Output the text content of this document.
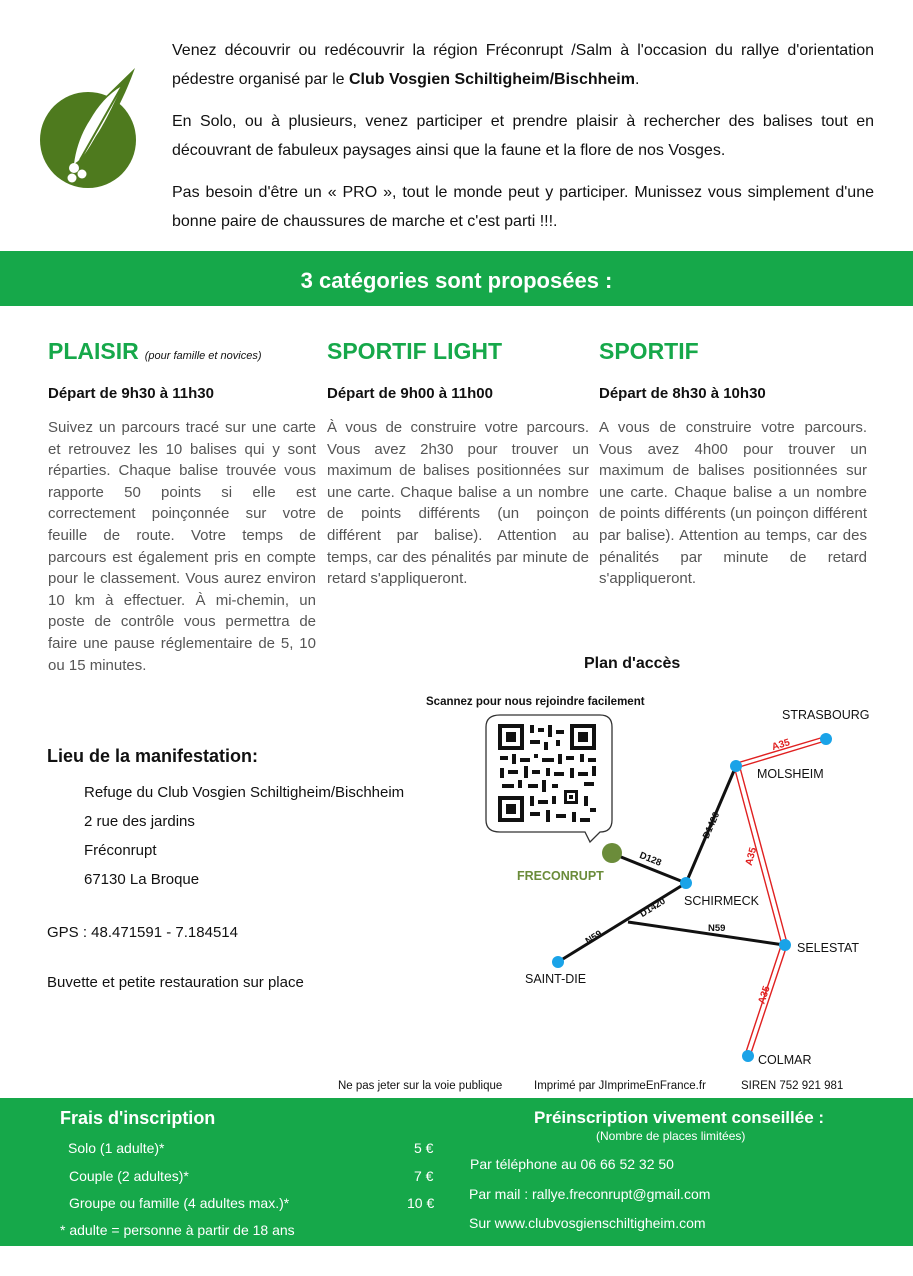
Venez découvrir ou redécouvrir la région Fréconrupt /Salm à l'occasion du rallye d'orientation pédestre organisé par le Club Vosgien Schiltigheim/Bischheim.

En Solo, ou à plusieurs, venez participer et prendre plaisir à rechercher des balises tout en découvrant de fabuleux paysages ainsi que la faune et la flore de nos Vosges.

Pas besoin d'être un « PRO », tout le monde peut y participer. Munissez vous simplement d'une bonne paire de chaussures de marche et c'est parti !!!.

3 catégories sont proposées :
PLAISIR (pour famille et novices)
Départ de 9h30 à 11h30

Suivez un parcours tracé sur une carte et retrouvez les 10 balises qui y sont réparties. Chaque balise trouvée vous rapporte 50 points si elle est correctement poinçonnée sur votre feuille de route. Votre temps de parcours est également pris en compte pour le classement. Vous aurez environ 10 km à effectuer. À mi-chemin, un poste de contrôle vous permettra de faire une pause réglementaire de 5, 10 ou 15 minutes.

SPORTIF LIGHT
Départ de 9h00 à 11h00

À vous de construire votre parcours. Vous avez 2h30 pour trouver un maximum de balises positionnées sur une carte. Chaque balise a un nombre de points différents (un poinçon différent par balise). Attention au temps, car des pénalités par minute de retard s'appliqueront.

SPORTIF
Départ de 8h30 à 10h30

A vous de construire votre parcours. Vous avez 4h00 pour trouver un maximum de balises positionnées sur une carte. Chaque balise a un nombre de points différents (un poinçon différent par balise). Attention au temps, car des pénalités par minute de retard s'appliqueront.

Lieu de la manifestation:
Refuge du Club Vosgien Schiltigheim/Bischheim
2 rue des jardins
Fréconrupt
67130 La Broque
GPS : 48.471591 - 7.184514
Buvette et petite restauration sur place
Plan d'accès
Scannez pour nous rejoindre facilement
A35
A35
A35
D1420
D1420
D128
N59	N59
STRASBOURG
MOLSHEIM
FRECONRUPT
SCHIRMECK
SELESTAT
SAINT-DIE
COLMAR
Ne pas jeter sur la voie publique	Imprimé par JImprimeEnFrance.fr	SIREN 752 921 981
Frais d'inscription
Solo (1 adulte)*	5 €
Couple (2 adultes)*	7 €
Groupe ou famille (4 adultes max.)*	10 €
* adulte = personne à partir de 18 ans
Préinscription vivement conseillée :
(Nombre de places limitées)
Par téléphone au 06 66 52 32 50
Par mail : rallye.freconrupt@gmail.com
Sur www.clubvosgienschiltigheim.com
